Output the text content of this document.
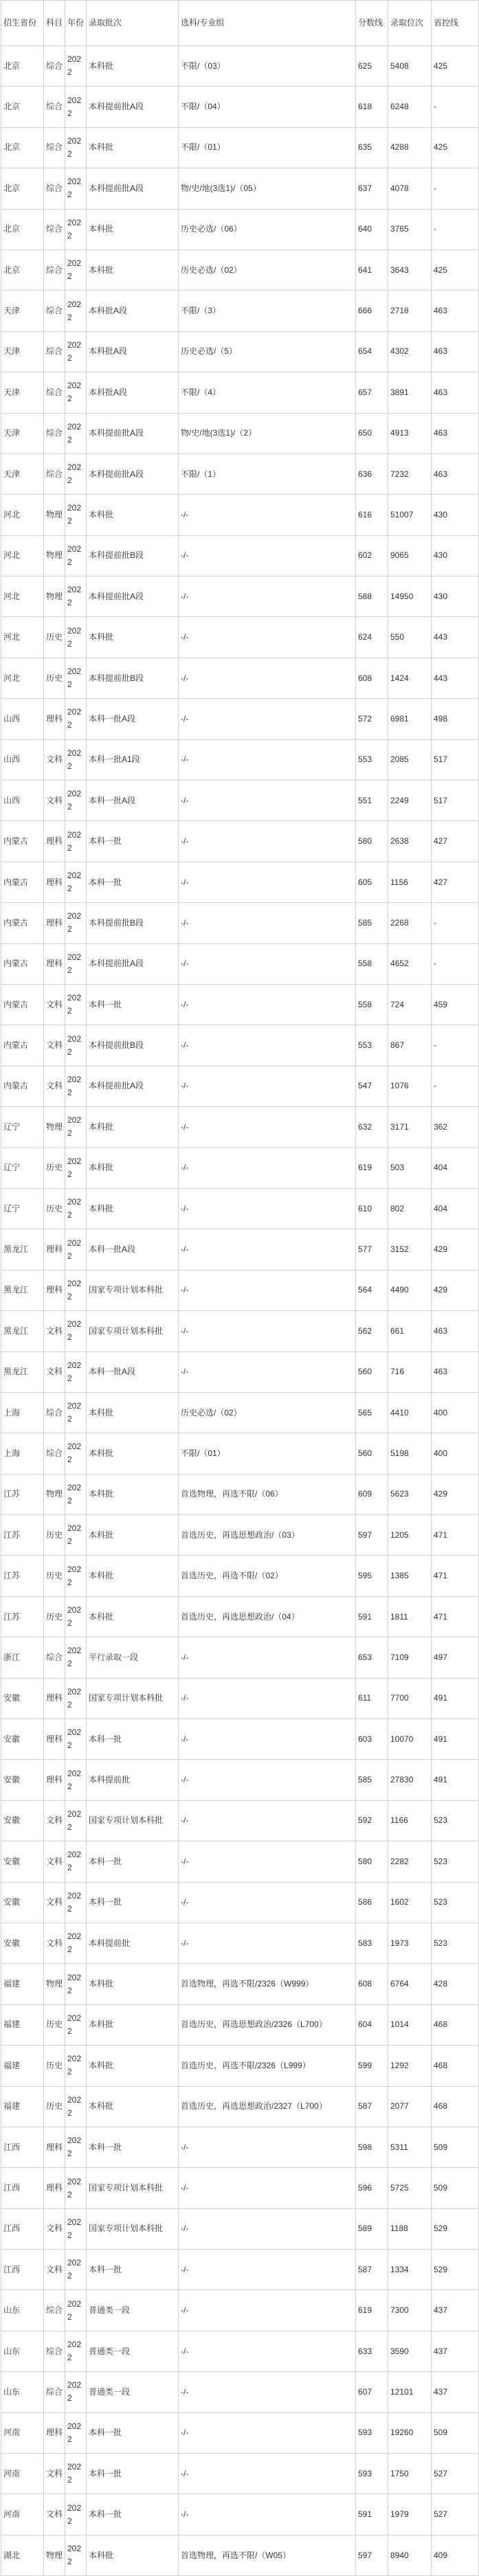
招生省份	科目	年份	录取批次	选科/专业组	分数线	录取位次	省控线
北京	综合	2022	本科批	不限/（03）	625	5408	425
北京	综合	2022	本科提前批A段	不限/（04）	618	6248	-
北京	综合	2022	本科批	不限/（01）	635	4288	425
北京	综合	2022	本科提前批A段	物/史/地(3选1)/（05）	637	4078	-
北京	综合	2022	本科批	历史必选/（06）	640	3765	-
北京	综合	2022	本科批	历史必选/（02）	641	3643	425
天津	综合	2022	本科批A段	不限/（3）	666	2718	463
天津	综合	2022	本科批A段	历史必选/（5）	654	4302	463
天津	综合	2022	本科批A段	不限/（4）	657	3891	463
天津	综合	2022	本科提前批A段	物/史/地(3选1)/（2）	650	4913	463
天津	综合	2022	本科提前批A段	不限/（1）	636	7232	463
河北	物理	2022	本科批	-/-	616	51007	430
河北	物理	2022	本科提前批B段	-/-	602	9065	430
河北	物理	2022	本科提前批A段	-/-	588	14950	430
河北	历史	2022	本科批	-/-	624	550	443
河北	历史	2022	本科提前批B段	-/-	608	1424	443
山西	理科	2022	本科一批A段	-/-	572	6981	498
山西	文科	2022	本科一批A1段	-/-	553	2085	517
山西	文科	2022	本科一批A段	-/-	551	2249	517
内蒙古	理科	2022	本科一批	-/-	580	2638	427
内蒙古	理科	2022	本科一批	-/-	605	1156	427
内蒙古	理科	2022	本科提前批B段	-/-	585	2268	-
内蒙古	理科	2022	本科提前批A段	-/-	558	4652	-
内蒙古	文科	2022	本科一批	-/-	558	724	459
内蒙古	文科	2022	本科提前批B段	-/-	553	867	-
内蒙古	文科	2022	本科提前批A段	-/-	547	1076	-
辽宁	物理	2022	本科批	-/-	632	3171	362
辽宁	历史	2022	本科批	-/-	619	503	404
辽宁	历史	2022	本科批	-/-	610	802	404
黑龙江	理科	2022	本科一批A段	-/-	577	3152	429
黑龙江	理科	2022	国家专项计划本科批	-/-	564	4490	429
黑龙江	文科	2022	国家专项计划本科批	-/-	562	661	463
黑龙江	文科	2022	本科一批A段	-/-	560	716	463
上海	综合	2022	本科批	历史必选/（02）	565	4410	400
上海	综合	2022	本科批	不限/（01）	560	5198	400
江苏	物理	2022	本科批	首选物理，再选不限/（06）	609	5623	429
江苏	历史	2022	本科批	首选历史，再选思想政治/（03）	597	1205	471
江苏	历史	2022	本科批	首选历史，再选不限/（02）	595	1385	471
江苏	历史	2022	本科批	首选历史，再选思想政治/（04）	591	1811	471
浙江	综合	2022	平行录取一段	-/-	653	7109	497
安徽	理科	2022	国家专项计划本科批	-/-	611	7700	491
安徽	理科	2022	本科一批	-/-	603	10070	491
安徽	理科	2022	本科提前批	-/-	585	27830	491
安徽	文科	2022	国家专项计划本科批	-/-	592	1166	523
安徽	文科	2022	本科一批	-/-	580	2282	523
安徽	文科	2022	本科一批	-/-	586	1602	523
安徽	文科	2022	本科提前批	-/-	583	1973	523
福建	物理	2022	本科批	首选物理，再选不限/2326（W999）	608	6764	428
福建	历史	2022	本科批	首选历史，再选思想政治/2326（L700）	604	1014	468
福建	历史	2022	本科批	首选历史，再选不限/2326（L999）	599	1292	468
福建	历史	2022	本科批	首选历史，再选思想政治/2327（L700）	587	2077	468
江西	理科	2022	本科一批	-/-	598	5311	509
江西	理科	2022	国家专项计划本科批	-/-	596	5725	509
江西	文科	2022	国家专项计划本科批	-/-	589	1188	529
江西	文科	2022	本科一批	-/-	587	1334	529
山东	综合	2022	普通类一段	-/-	619	7300	437
山东	综合	2022	普通类一段	-/-	633	3590	437
山东	综合	2022	普通类一段	-/-	607	12101	437
河南	理科	2022	本科一批	-/-	593	19260	509
河南	文科	2022	本科一批	-/-	593	1750	527
河南	文科	2022	本科一批	-/-	591	1979	527
湖北	物理	2022	本科批	首选物理，再选不限/（W05）	597	8940	409
